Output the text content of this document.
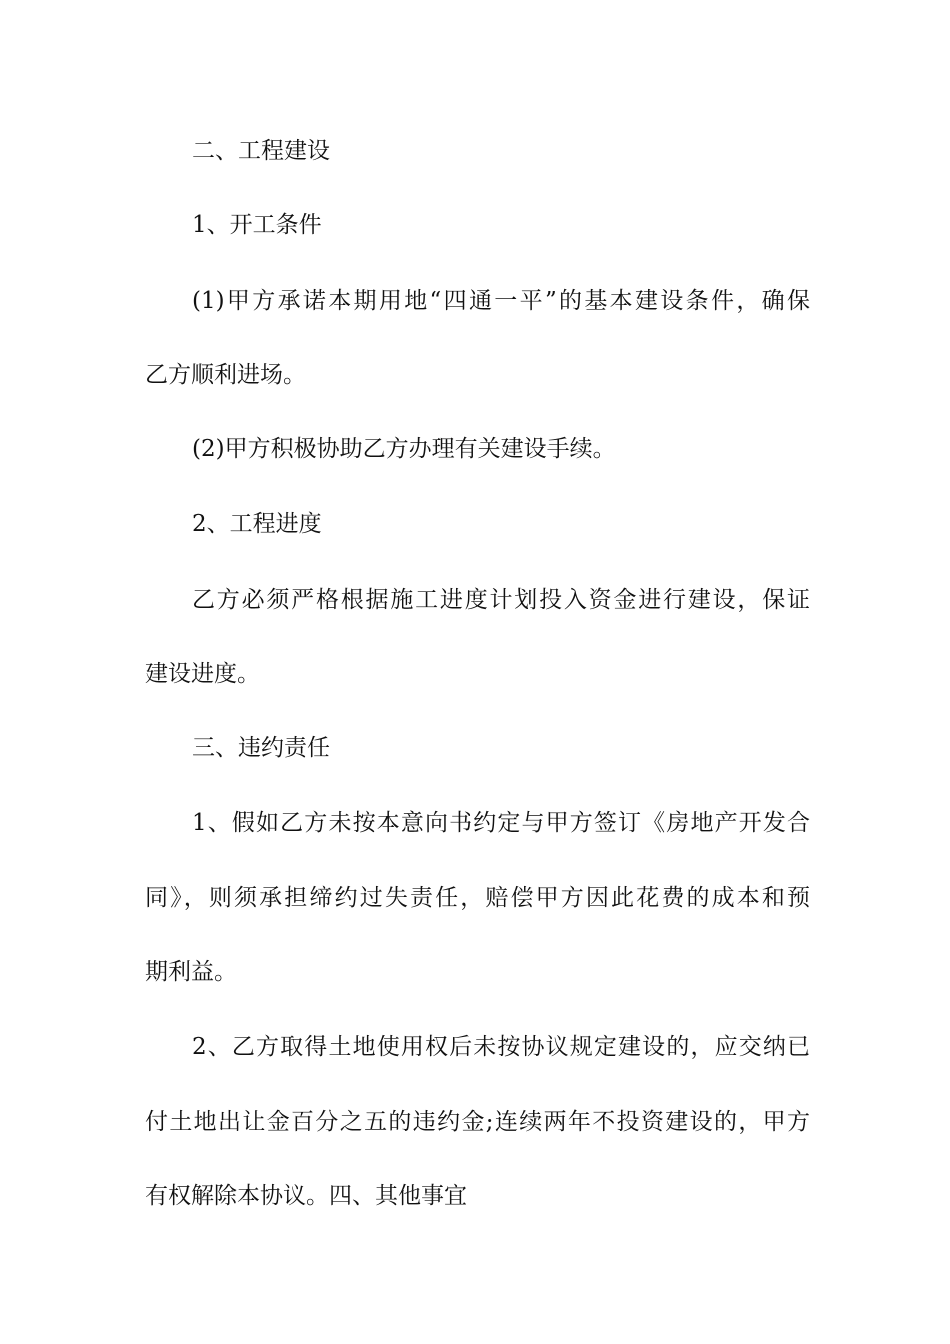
二、工程建设
1、开工条件
(1)甲方承诺本期用地“四通一平”的基本建设条件，确保
乙方顺利进场。
(2)甲方积极协助乙方办理有关建设手续。
2、工程进度
乙方必须严格根据施工进度计划投入资金进行建设，保证
建设进度。
三、违约责任
1、假如乙方未按本意向书约定与甲方签订《房地产开发合
同》，则须承担缔约过失责任，赔偿甲方因此花费的成本和预
期利益。
2、乙方取得土地使用权后未按协议规定建设的，应交纳已
付土地出让金百分之五的违约金;连续两年不投资建设的，甲方
有权解除本协议。四、其他事宜
